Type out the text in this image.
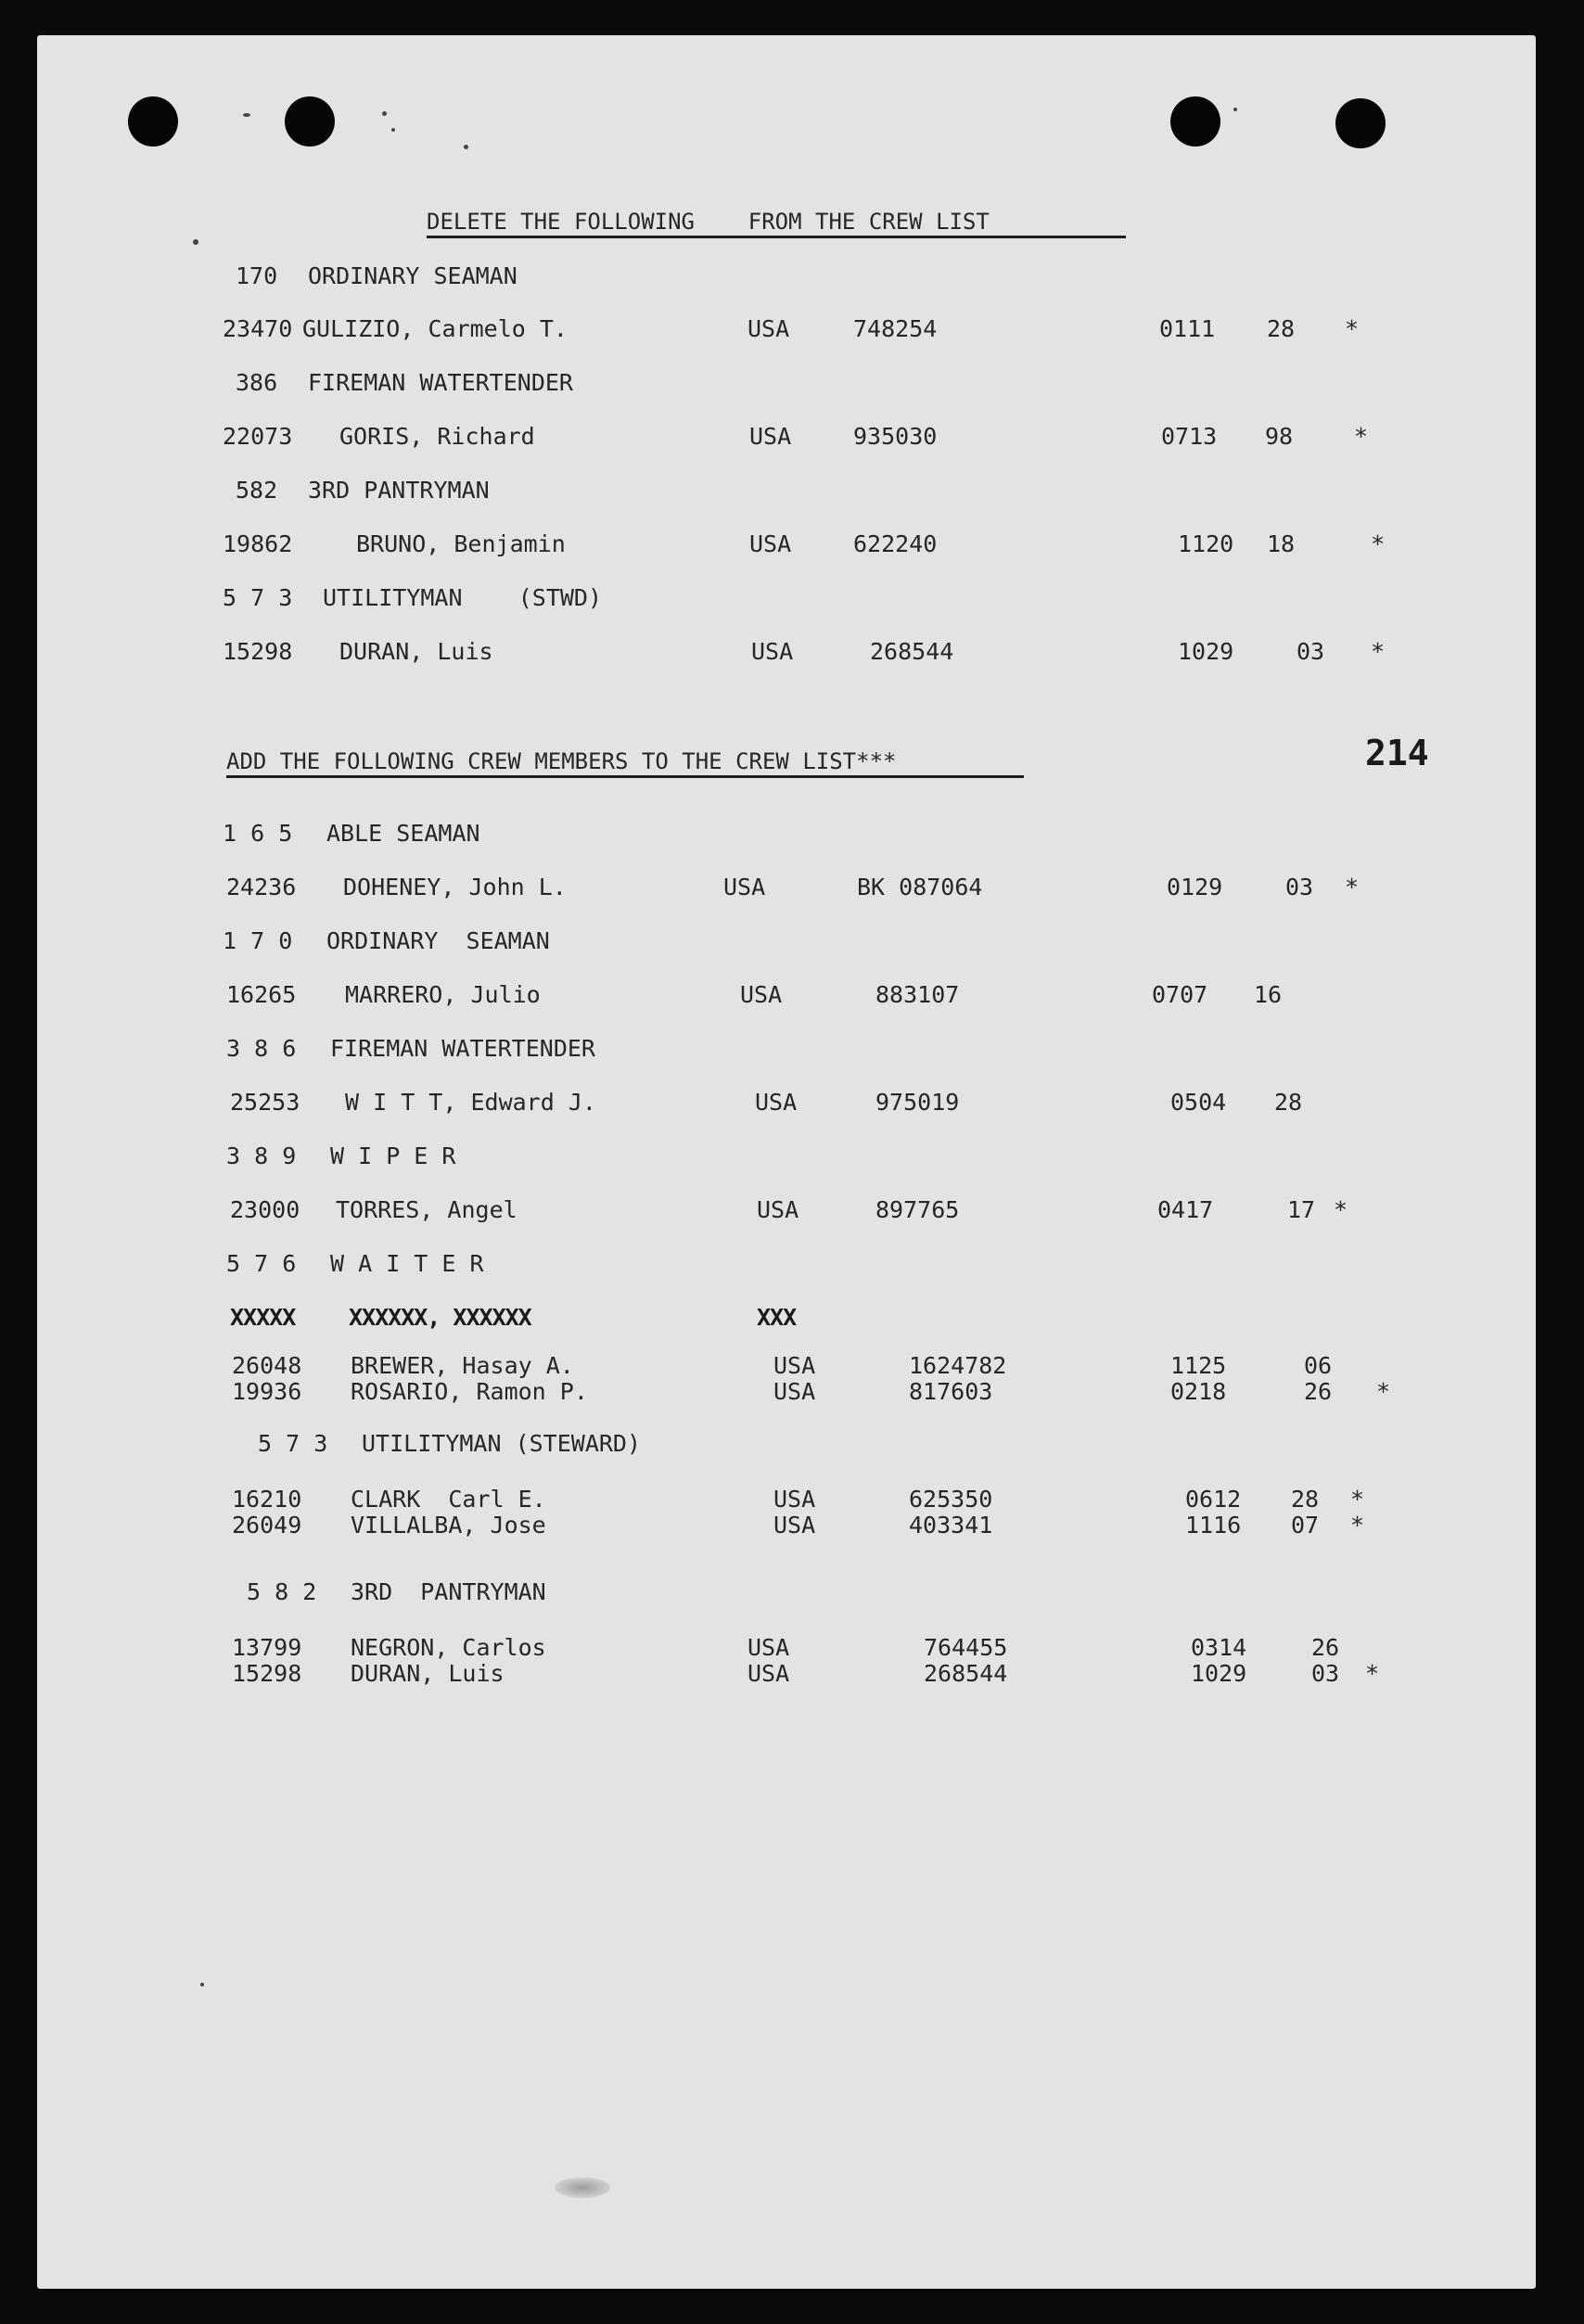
214
DELETE THE FOLLOWING    FROM THE CREW LIST
170 ORDINARY SEAMAN
23470 GULIZIO, Carmelo T.	USA	748254	0111 28 *
386 FIREMAN WATERTENDER
22073 GORIS, Richard	USA	935030	0713 98	*
582 3RD PANTRYMAN
19862	BRUNO, Benjamin	USA	622240	1120 18	*
5 7 3 UTILITYMAN    (STWD)
15298 DURAN, Luis	USA	268544	1029	03 *
ADD THE FOLLOWING CREW MEMBERS TO THE CREW LIST***
1 6 5 ABLE SEAMAN
24236 DOHENEY, John L.	USA	BK 087064	0129	03 *
1 7 0 ORDINARY  SEAMAN
16265 MARRERO, Julio	USA	883107	0707 16
3 8 6 FIREMAN WATERTENDER
25253 W I T T, Edward J.	USA	975019	0504 28
3 8 9 W I P E R
23000 TORRES, Angel	USA	897765	0417	17 *
5 7 6 W A I T E R
XXXXX XXXXXX, XXXXXX	XXX
26048 BREWER, Hasay A.	USA	1624782	1125	06
19936 ROSARIO, Ramon P.	USA	817603	0218	26 *
5 7 3 UTILITYMAN (STEWARD)
16210 CLARK  Carl E.	USA	625350	0612 28 *
26049 VILLALBA, Jose	USA	403341	1116 07 *
5 8 2 3RD  PANTRYMAN
13799 NEGRON, Carlos	USA	764455	0314	26
15298 DURAN, Luis	USA	268544	1029	03 *
